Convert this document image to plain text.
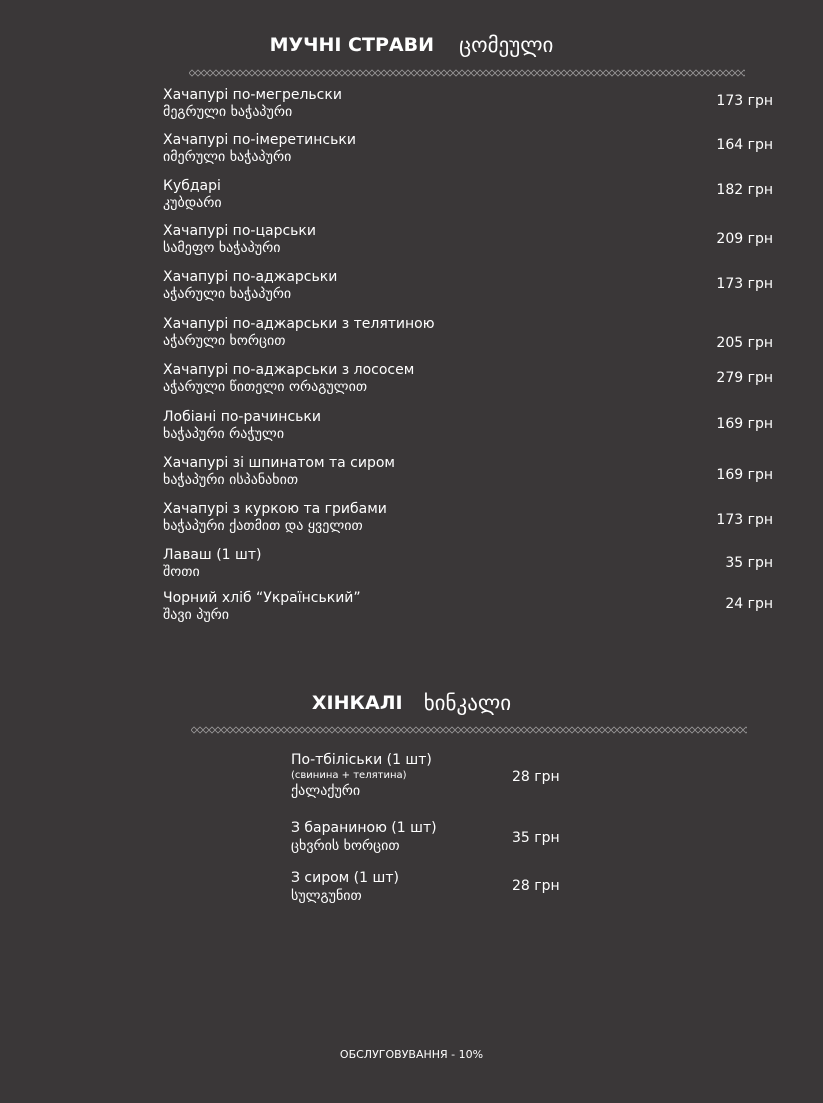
МУЧНІ СТРАВИ ცომეული
Хачапурі по-мегрельски
მეგრული ხაჭაპური
173 грн
Хачапурі по-імеретинськи
იმერული ხაჭაპური
164 грн
Кубдарі
კუბდარი
182 грн
Хачапурі по-царськи
სამეფო ხაჭაპური
209 грн
Хачапурі по-аджарськи
აჭარული ხაჭაპური
173 грн
Хачапурі по-аджарськи з телятиною
აჭარული ხორცით	205 грн
Хачапурі по-аджарськи з лососем
აჭარული წითელი ორაგულით
279 грн
Лобіані по-рачинськи
ხაჭაპური რაჭული
169 грн
Хачапурі зі шпинатом та сиром
ხაჭაპური ისპანახით	169 грн
Хачапурі з куркою та грибами
ხაჭაპური ქათმით და ყველით	173 грн
Лаваш (1 шт)
შოთი
35 грн
Чорний хліб “Український”
შავი პური
24 грн
ХІНКАЛІ ხინკალი
По-тбіліськи (1 шт)
(свинина + телятина)
ქალაქური
28 грн
З бараниною (1 шт)
ცხვრის ხორცით	35 грн
З сиром (1 шт)
სულგუნით
28 грн
ОБСЛУГОВУВАННЯ - 10%
